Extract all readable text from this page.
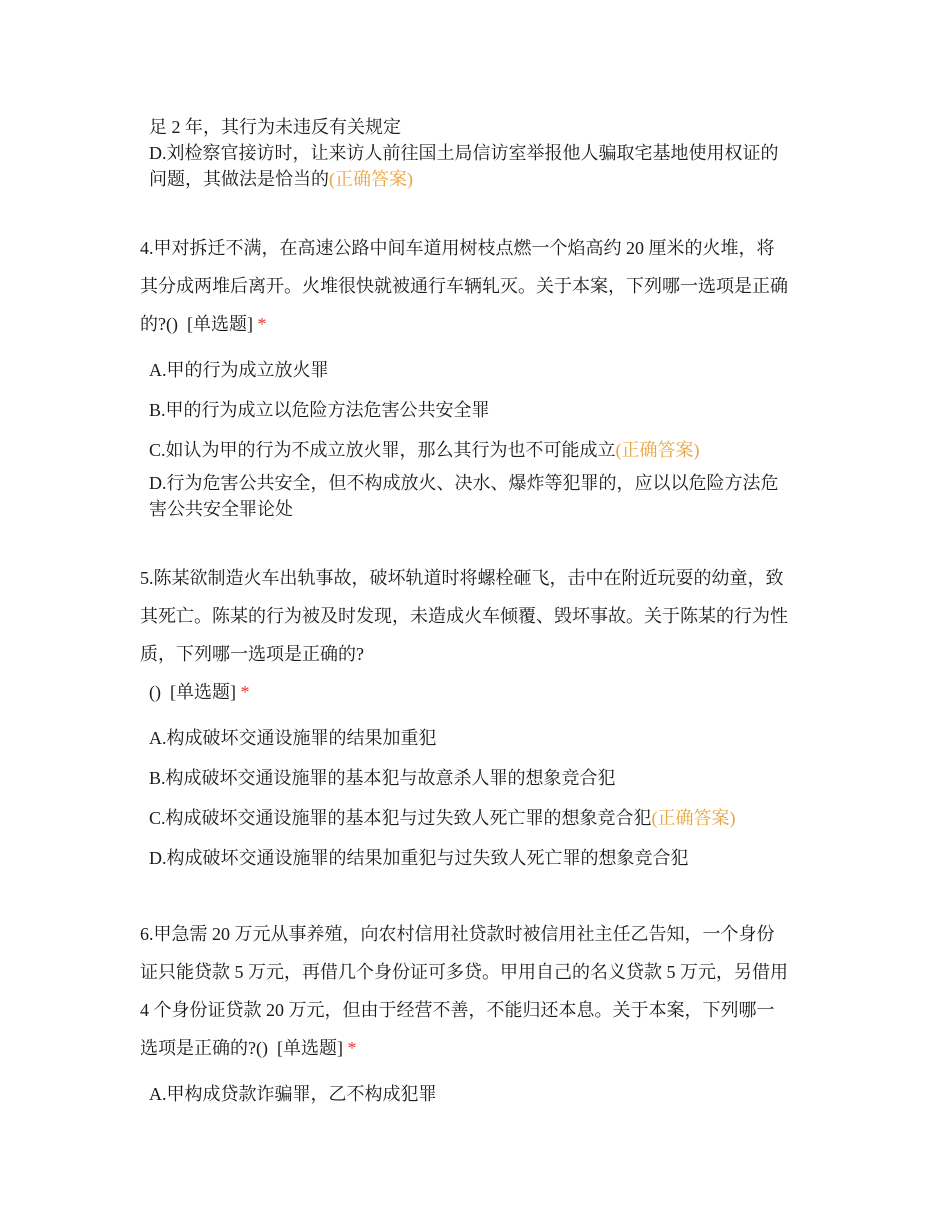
足 2 年，其行为未违反有关规定
D.刘检察官接访时，让来访人前往国土局信访室举报他人骗取宅基地使用权证的
问题，其做法是恰当的(正确答案)
4.甲对拆迁不满，在高速公路中间车道用树枝点燃一个焰高约 20 厘米的火堆，将
其分成两堆后离开。火堆很快就被通行车辆轧灭。关于本案，下列哪一选项是正确
的?() [单选题] *
A.甲的行为成立放火罪
B.甲的行为成立以危险方法危害公共安全罪
C.如认为甲的行为不成立放火罪，那么其行为也不可能成立(正确答案)
D.行为危害公共安全，但不构成放火、决水、爆炸等犯罪的，应以以危险方法危
害公共安全罪论处
5.陈某欲制造火车出轨事故，破坏轨道时将螺栓砸飞，击中在附近玩耍的幼童，致
其死亡。陈某的行为被及时发现，未造成火车倾覆、毁坏事故。关于陈某的行为性
质，下列哪一选项是正确的?
() [单选题] *
A.构成破坏交通设施罪的结果加重犯
B.构成破坏交通设施罪的基本犯与故意杀人罪的想象竞合犯
C.构成破坏交通设施罪的基本犯与过失致人死亡罪的想象竞合犯(正确答案)
D.构成破坏交通设施罪的结果加重犯与过失致人死亡罪的想象竞合犯
6.甲急需 20 万元从事养殖，向农村信用社贷款时被信用社主任乙告知，一个身份
证只能贷款 5 万元，再借几个身份证可多贷。甲用自己的名义贷款 5 万元，另借用
4 个身份证贷款 20 万元，但由于经营不善，不能归还本息。关于本案，下列哪一
选项是正确的?() [单选题] *
A.甲构成贷款诈骗罪，乙不构成犯罪
